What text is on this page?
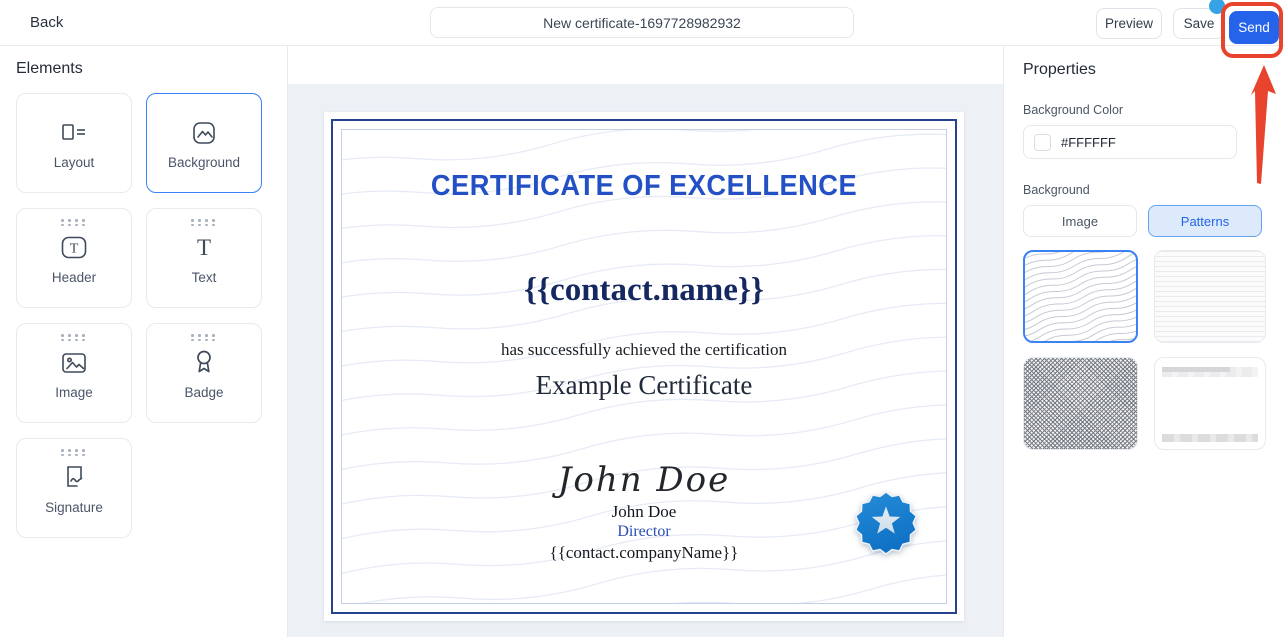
Back
New certificate-1697728982932	Preview	Save	Send
Elements
Layout	Background
T
Header
T
Text
Image	Badge
Signature
CERTIFICATE OF EXCELLENCE
{{contact.name}}
has successfully achieved the certification
Example Certificate
John Doe
John Doe
Director
{{contact.companyName}}
Properties
Background Color
#FFFFFF
Background
Image	Patterns
